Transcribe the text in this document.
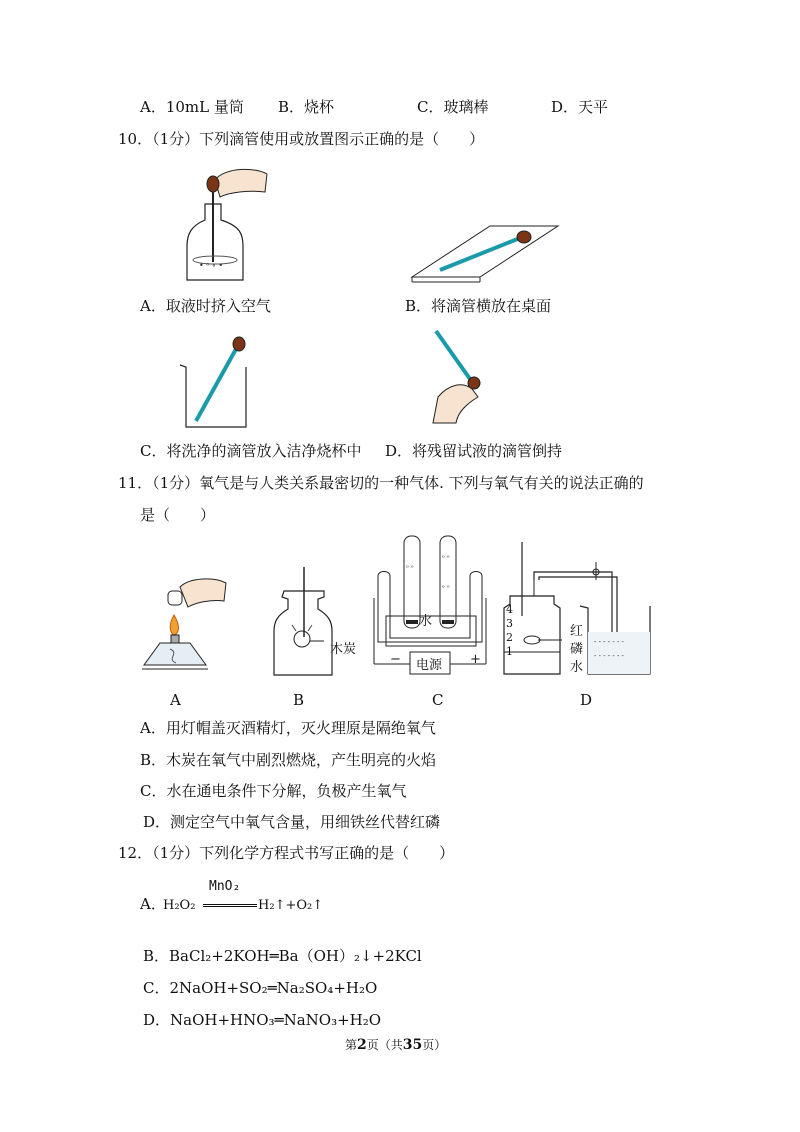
A．10mL 量筒 B．烧杯	C．玻璃棒	D．天平
10．（1分）下列滴管使用或放置图示正确的是（　　）
• ᵒ ∘ •
A．取液时挤入空气	B．将滴管横放在桌面
C．将洗净的滴管放入洁净烧杯中 D．将残留试液的滴管倒持
11．（1分）氧气是与人类关系最密切的一种气体. 下列与氧气有关的说法正确的
是（　　）
A
木炭
B
ᵒ ᵒ
ᵒ ᵒ
ᵒ ᵒ
水
电源
−	+
C
- - - - - - -
- - - - - - -
4
3
2
1
红
磷
水
D
A．用灯帽盖灭酒精灯，灭火理原是隔绝氧气
B．木炭在氧气中剧烈燃烧，产生明亮的火焰
C．水在通电条件下分解，负极产生氧气
D．测定空气中氧气含量，用细铁丝代替红磷
12．（1分）下列化学方程式书写正确的是（　　）
A．
H₂O₂
MnO₂
H₂↑+O₂↑
B．BaCl₂+2KOH═Ba（OH）₂↓+2KCl
C．2NaOH+SO₂═Na₂SO₄+H₂O
D．NaOH+HNO₃═NaNO₃+H₂O
第2页（共35页）
